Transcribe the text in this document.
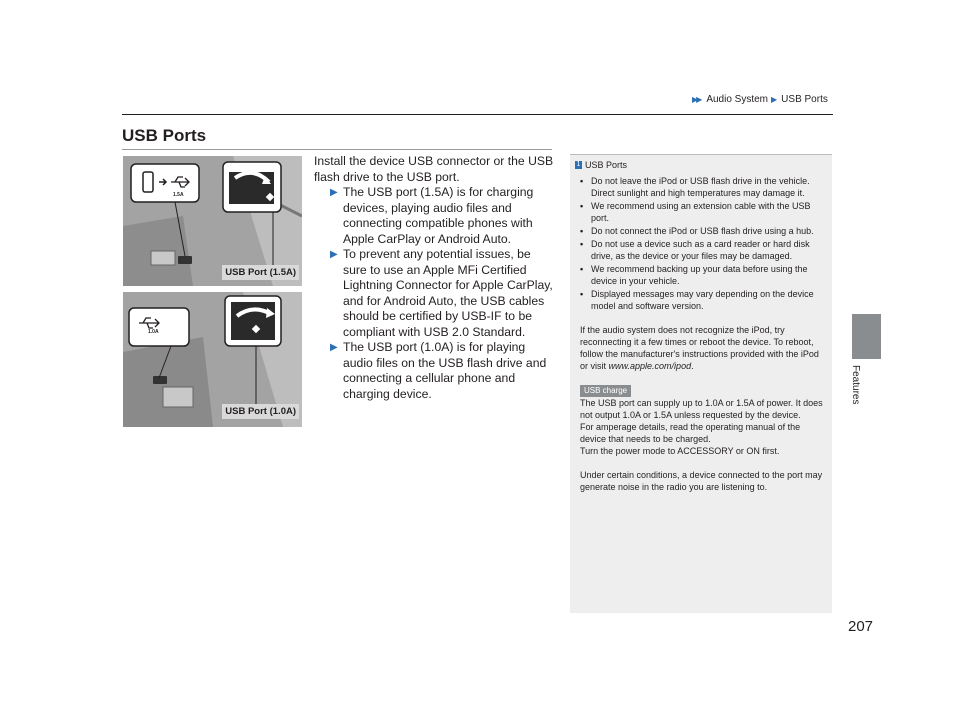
▶▶ Audio System ▶ USB Ports
Features
USB Ports
USB Port (1.5A)
1.5A
USB Port (1.0A)
1.0A
Install the device USB connector or the USB flash drive to the USB port.
▶ The USB port (1.5A) is for charging devices, playing audio files and connecting compatible phones with Apple CarPlay or Android Auto.
▶ To prevent any potential issues, be sure to use an Apple MFi Certified Lightning Connector for Apple CarPlay, and for Android Auto, the USB cables should be certified by USB-IF to be compliant with USB 2.0 Standard.
▶ The USB port (1.0A) is for playing audio files on the USB flash drive and connecting a cellular phone and charging device.
1 USB Ports
• Do not leave the iPod or USB flash drive in the vehicle. Direct sunlight and high temperatures may damage it.
• We recommend using an extension cable with the USB port.
• Do not connect the iPod or USB flash drive using a hub.
• Do not use a device such as a card reader or hard disk drive, as the device or your files may be damaged.
• We recommend backing up your data before using the device in your vehicle.
• Displayed messages may vary depending on the device model and software version.
If the audio system does not recognize the iPod, try reconnecting it a few times or reboot the device. To reboot, follow the manufacturer's instructions provided with the iPod or visit www.apple.com/ipod.
USB charge
The USB port can supply up to 1.0A or 1.5A of power. It does not output 1.0A or 1.5A unless requested by the device.
For amperage details, read the operating manual of the device that needs to be charged.
Turn the power mode to ACCESSORY or ON first.
Under certain conditions, a device connected to the port may generate noise in the radio you are listening to.
207
